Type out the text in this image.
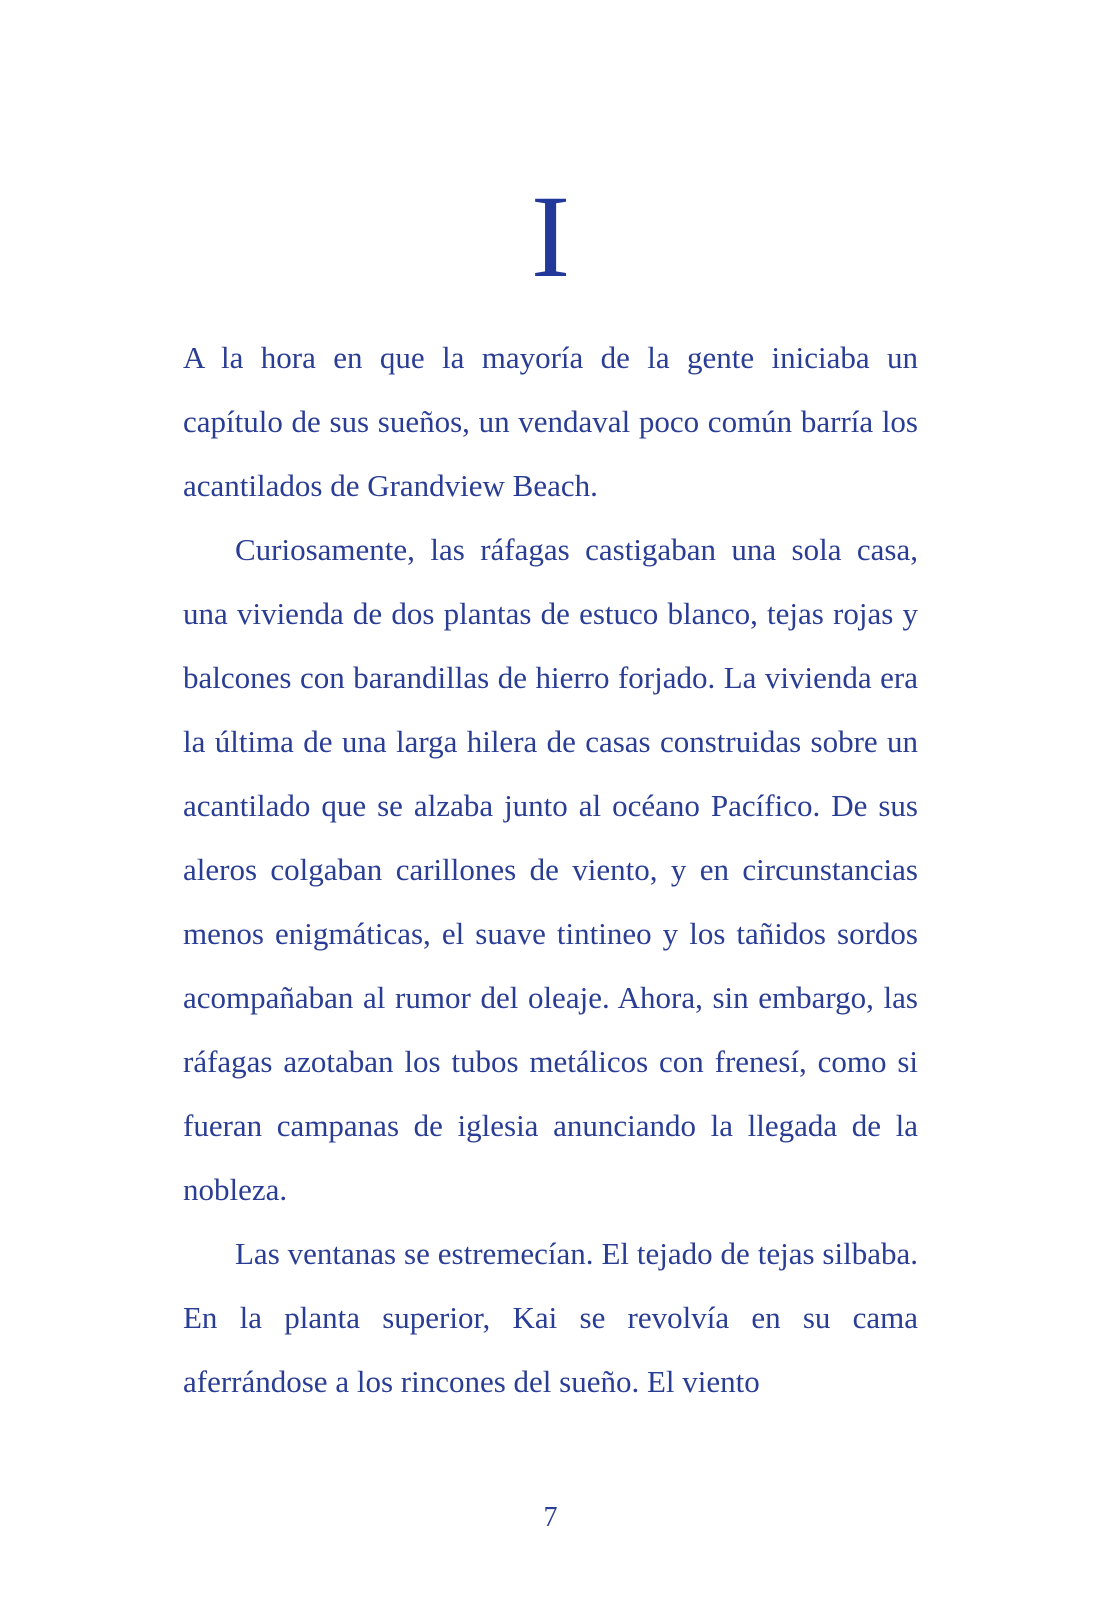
I

A la hora en que la mayoría de la gente iniciaba un capítulo de sus sueños, un vendaval poco común barría los acantilados de Grandview Beach.

Curiosamente, las ráfagas castigaban una sola casa, una vivienda de dos plantas de estuco blanco, tejas rojas y balcones con barandillas de hierro forjado. La vivienda era la última de una larga hilera de casas construidas sobre un acantilado que se alzaba junto al océano Pacífico. De sus aleros colgaban carillones de viento, y en circunstancias menos enigmáticas, el suave tintineo y los tañidos sordos acompañaban al rumor del oleaje. Ahora, sin embargo, las ráfagas azotaban los tubos metálicos con frenesí, como si fueran campanas de iglesia anunciando la llegada de la nobleza.

Las ventanas se estremecían. El tejado de tejas silbaba. En la planta superior, Kai se revolvía en su cama aferrándose a los rincones del sueño. El viento

7
